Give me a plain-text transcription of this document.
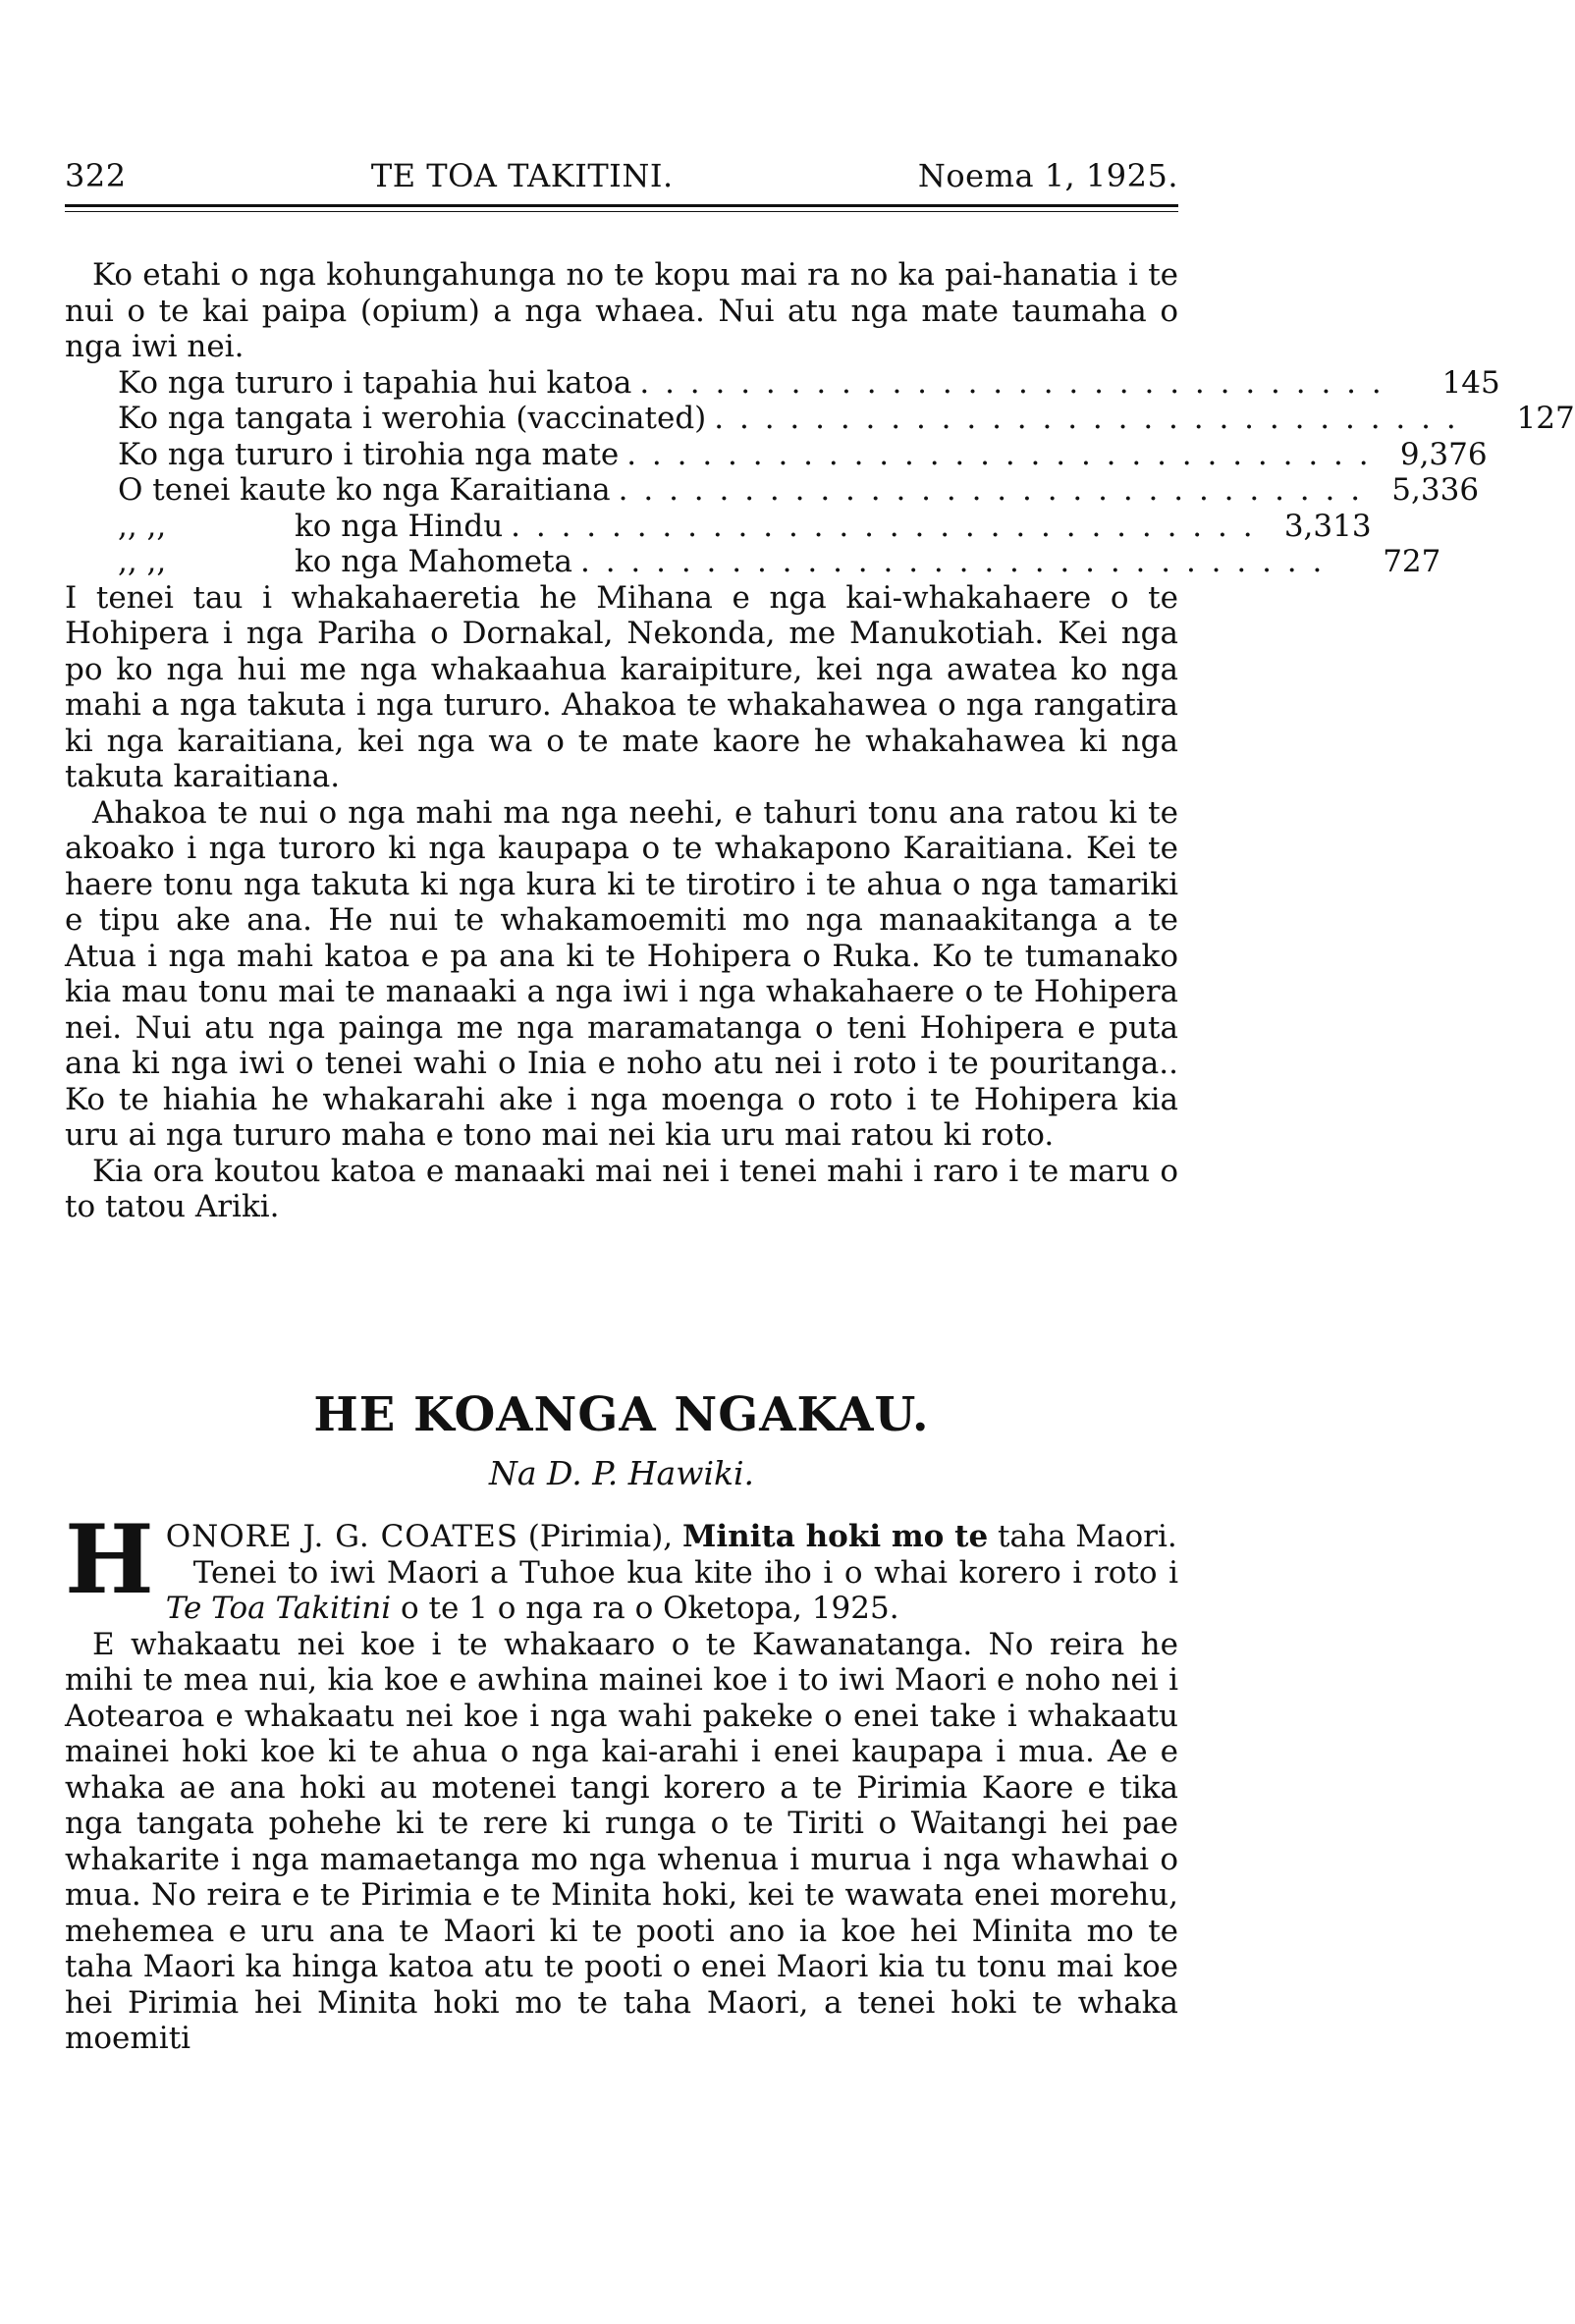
322	TE TOA TAKITINI.	Noema 1, 1925.

Ko etahi o nga kohungahunga no te kopu mai ra no ka pai-hanatia i te nui o te kai paipa (opium) a nga whaea. Nui atu nga mate taumaha o nga iwi nei.

Ko nga tururo i tapahia hui katoa . . . . . . . . . . . . . . . . . . . . . . . . . . . . . .	145
Ko nga tangata i werohia (vaccinated) . . . . . . . . . . . . . . . . . . . . . . . . . . . . . .	127
Ko nga tururo i tirohia nga mate . . . . . . . . . . . . . . . . . . . . . . . . . . . . . . 9,376
O tenei kaute ko nga Karaitiana . . . . . . . . . . . . . . . . . . . . . . . . . . . . . . 5,336
,, ,,	ko nga Hindu . . . . . . . . . . . . . . . . . . . . . . . . . . . . . . 3,313
,, ,,	ko nga Mahometa . . . . . . . . . . . . . . . . . . . . . . . . . . . . . .	727

I tenei tau i whakahaeretia he Mihana e nga kai-whakahaere o te Hohipera i nga Pariha o Dornakal, Nekonda, me Manukotiah. Kei nga po ko nga hui me nga whakaahua karaipiture, kei nga awatea ko nga mahi a nga takuta i nga tururo. Ahakoa te whakahawea o nga rangatira ki nga karaitiana, kei nga wa o te mate kaore he whakahawea ki nga takuta karaitiana.

Ahakoa te nui o nga mahi ma nga neehi, e tahuri tonu ana ratou ki te akoako i nga turoro ki nga kaupapa o te whakapono Karaitiana. Kei te haere tonu nga takuta ki nga kura ki te tirotiro i te ahua o nga tamariki e tipu ake ana. He nui te whakamoemiti mo nga manaakitanga a te Atua i nga mahi katoa e pa ana ki te Hohipera o Ruka. Ko te tumanako kia mau tonu mai te manaaki a nga iwi i nga whakahaere o te Hohipera nei. Nui atu nga painga me nga maramatanga o teni Hohipera e puta ana ki nga iwi o tenei wahi o Inia e noho atu nei i roto i te pouritanga.. Ko te hiahia he whakarahi ake i nga moenga o roto i te Hohipera kia uru ai nga tururo maha e tono mai nei kia uru mai ratou ki roto.

Kia ora koutou katoa e manaaki mai nei i tenei mahi i raro i te maru o to tatou Ariki.

HE KOANGA NGAKAU.
Na D. P. Hawiki.

HONORE J. G. COATES (Pirimia), Minita hoki mo te taha Maori.

Tenei to iwi Maori a Tuhoe kua kite iho i o whai korero i roto i Te Toa Takitini o te 1 o nga ra o Oketopa, 1925.

E whakaatu nei koe i te whakaaro o te Kawanatanga. No reira he mihi te mea nui, kia koe e awhina mainei koe i to iwi Maori e noho nei i Aotearoa e whakaatu nei koe i nga wahi pakeke o enei take i whakaatu mainei hoki koe ki te ahua o nga kai-arahi i enei kaupapa i mua. Ae e whaka ae ana hoki au motenei tangi korero a te Pirimia Kaore e tika nga tangata pohehe ki te rere ki runga o te Tiriti o Waitangi hei pae whakarite i nga mamaetanga mo nga whenua i murua i nga whawhai o mua. No reira e te Pirimia e te Minita hoki, kei te wawata enei morehu, mehemea e uru ana te Maori ki te pooti ano ia koe hei Minita mo te taha Maori ka hinga katoa atu te pooti o enei Maori kia tu tonu mai koe hei Pirimia hei Minita hoki mo te taha Maori, a tenei hoki te whaka moemiti
